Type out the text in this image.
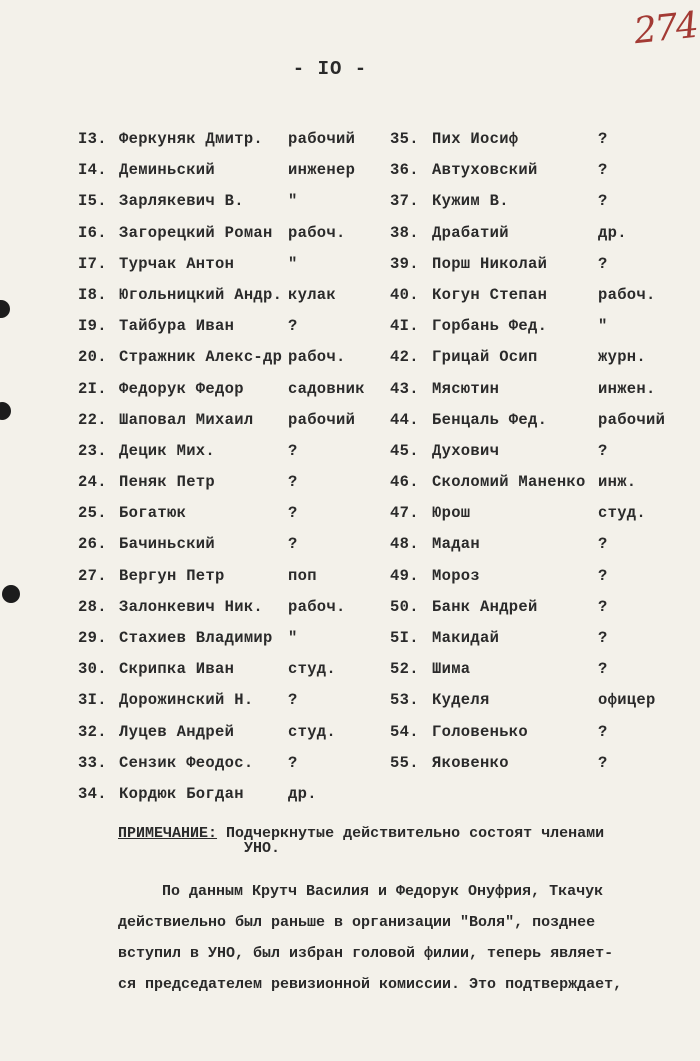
274
- IO -
I3. Феркуняк Дмитр. рабочий
I4. Деминьский	инженер
I5. Зарлякевич В.	"
I6. Загорецкий Роман рабоч.
I7. Турчак Антон	"
I8. Югольницкий Андр. кулак
I9. Тайбура Иван	?
20. Стражник Алекс-др рабоч.
2I. Федорук Федор	садовник
22. Шаповал Михаил рабочий
23. Децик Мих.	?
24. Пеняк Петр	?
25. Богатюк	?
26. Бачиньский	?
27. Вергун Петр	поп
28. Залонкевич Ник. рабоч.
29. Стахиев Владимир "
30. Скрипка Иван	студ.
3I. Дорожинский Н. ?
32. Луцев Андрей	студ.
33. Сензик Феодос. ?
34. Кордюк Богдан	др.
35. Пих Иосиф	?
36. Автуховский	?
37. Кужим В.	?
38. Драбатий	др.
39. Порш Николай	?
40. Когун Степан	рабоч.
4I. Горбань Фед.	"
42. Грицай Осип	журн.
43. Мясютин	инжен.
44. Бенцаль Фед.	рабочий
45. Духович	?
46. Сколомий Маненко инж.
47. Юрош	студ.
48. Мадан	?
49. Мороз	?
50. Банк Андрей	?
5I. Макидай	?
52. Шима	?
53. Куделя	офицер
54. Головенько	?
55. Яковенко	?
ПРИМЕЧАНИЕ: Подчеркнутые действительно состоят членами
УНО.

По данным Крутч Василия и Федорук Онуфрия, Ткачук

действиельно был раньше в организации "Воля", позднее

вступил в УНО, был избран головой филии, теперь являет-

ся председателем ревизионной комиссии. Это подтверждает,
